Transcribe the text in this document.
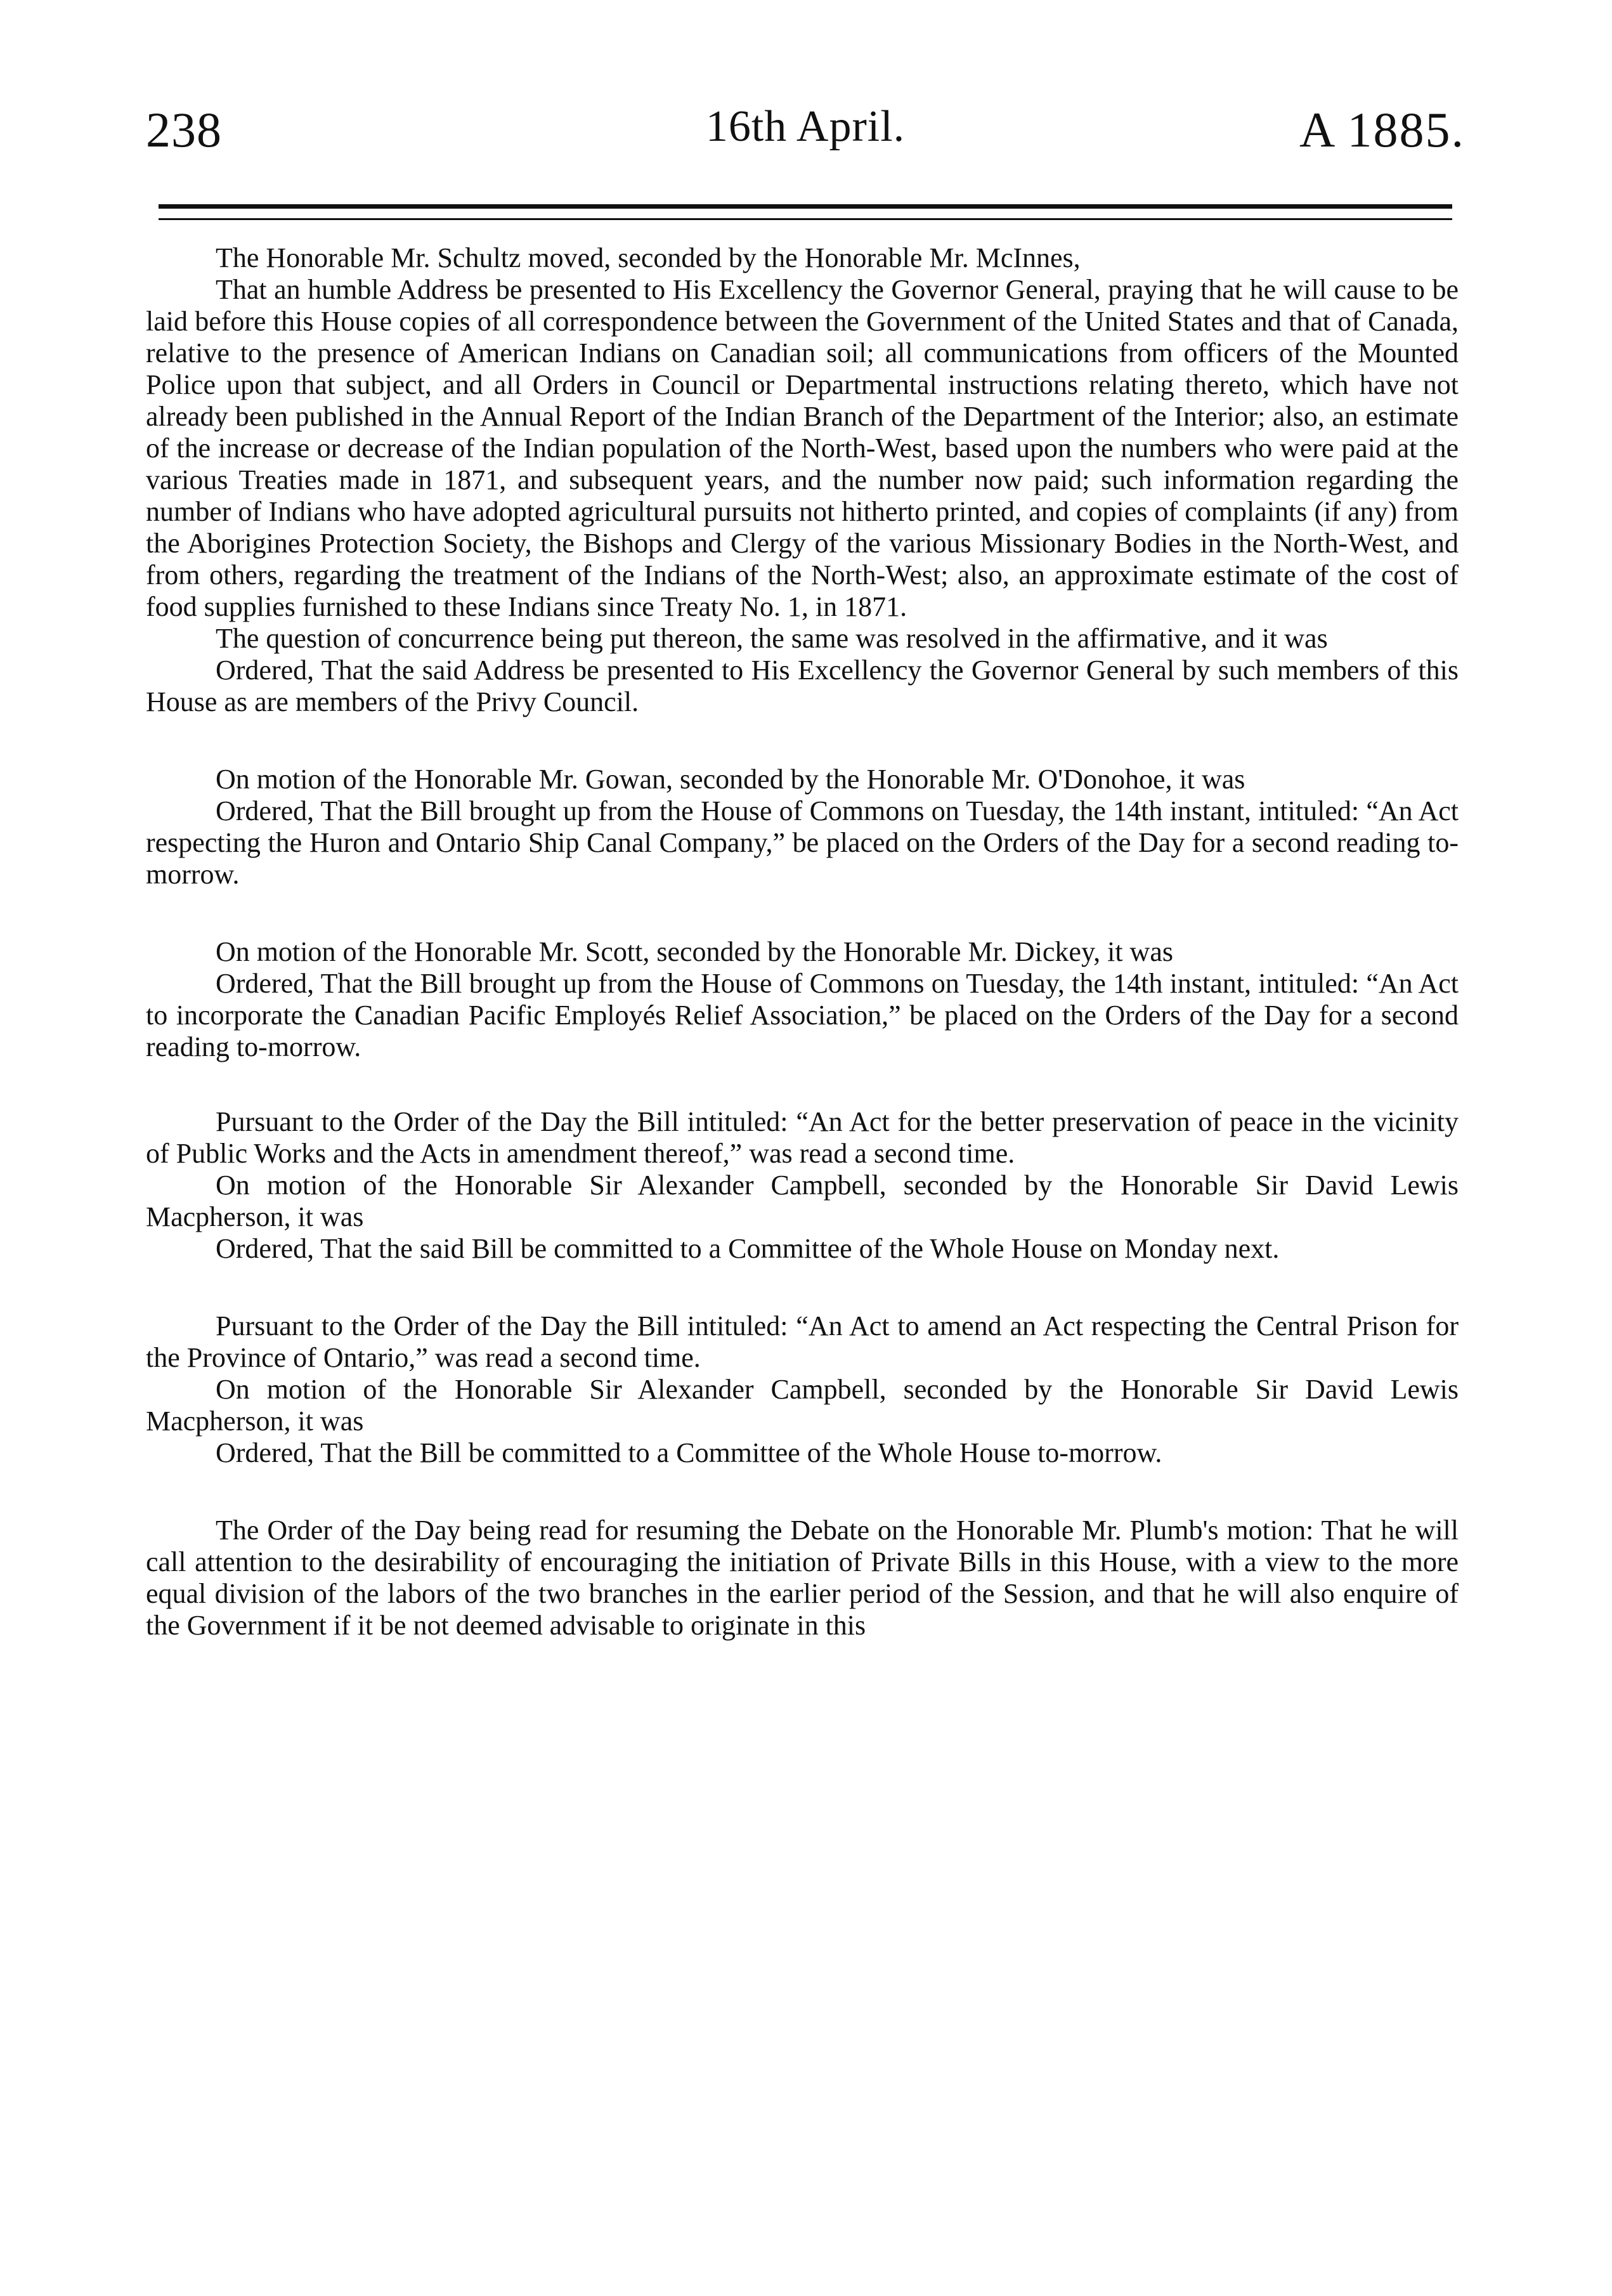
238	16th April.	A 1885.

The Honorable Mr. Schultz moved, seconded by the Honorable Mr. McInnes,

That an humble Address be presented to His Excellency the Governor General, praying that he will cause to be laid before this House copies of all correspondence between the Government of the United States and that of Canada, relative to the presence of American Indians on Canadian soil; all communications from officers of the Mounted Police upon that subject, and all Orders in Council or Departmental instructions relating thereto, which have not already been published in the Annual Report of the Indian Branch of the Department of the Interior; also, an estimate of the increase or decrease of the Indian population of the North-West, based upon the numbers who were paid at the various Treaties made in 1871, and subsequent years, and the number now paid; such information regarding the number of Indians who have adopted agricultural pursuits not hitherto printed, and copies of complaints (if any) from the Aborigines Protection Society, the Bishops and Clergy of the various Missionary Bodies in the North-West, and from others, regarding the treatment of the Indians of the North-West; also, an approximate estimate of the cost of food supplies furnished to these Indians since Treaty No. 1, in 1871.

The question of concurrence being put thereon, the same was resolved in the affirmative, and it was

Ordered, That the said Address be presented to His Excellency the Governor General by such members of this House as are members of the Privy Council.

On motion of the Honorable Mr. Gowan, seconded by the Honorable Mr. O'Donohoe, it was

Ordered, That the Bill brought up from the House of Commons on Tuesday, the 14th instant, intituled: “An Act respecting the Huron and Ontario Ship Canal Company,” be placed on the Orders of the Day for a second reading to-morrow.

On motion of the Honorable Mr. Scott, seconded by the Honorable Mr. Dickey, it was

Ordered, That the Bill brought up from the House of Commons on Tuesday, the 14th instant, intituled: “An Act to incorporate the Canadian Pacific Employés Relief Association,” be placed on the Orders of the Day for a second reading to-morrow.

Pursuant to the Order of the Day the Bill intituled: “An Act for the better preservation of peace in the vicinity of Public Works and the Acts in amendment thereof,” was read a second time.

On motion of the Honorable Sir Alexander Campbell, seconded by the Honorable Sir David Lewis Macpherson, it was

Ordered, That the said Bill be committed to a Committee of the Whole House on Monday next.

Pursuant to the Order of the Day the Bill intituled: “An Act to amend an Act respecting the Central Prison for the Province of Ontario,” was read a second time.

On motion of the Honorable Sir Alexander Campbell, seconded by the Honorable Sir David Lewis Macpherson, it was

Ordered, That the Bill be committed to a Committee of the Whole House to-morrow.

The Order of the Day being read for resuming the Debate on the Honorable Mr. Plumb's motion: That he will call attention to the desirability of encouraging the initiation of Private Bills in this House, with a view to the more equal division of the labors of the two branches in the earlier period of the Session, and that he will also enquire of the Government if it be not deemed advisable to originate in this
